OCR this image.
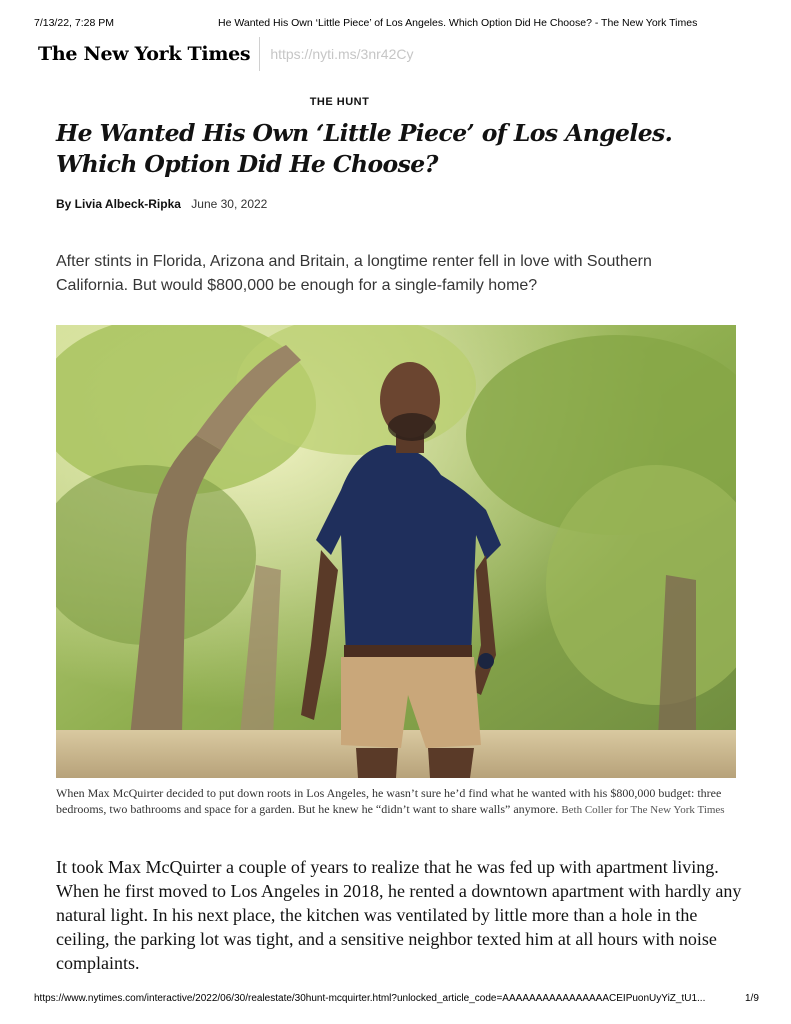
7/13/22, 7:28 PM	He Wanted His Own ‘Little Piece’ of Los Angeles. Which Option Did He Choose? - The New York Times
The New York Times https://nyti.ms/3nr42Cy
THE HUNT
He Wanted His Own ‘Little Piece’ of Los Angeles. Which Option Did He Choose?
By Livia Albeck-Ripka June 30, 2022

After stints in Florida, Arizona and Britain, a longtime renter fell in love with Southern California. But would $800,000 be enough for a single-family home?

When Max McQuirter decided to put down roots in Los Angeles, he wasn’t sure he’d find what he wanted with his $800,000 budget: three bedrooms, two bathrooms and space for a garden. But he knew he “didn’t want to share walls” anymore. Beth Coller for The New York Times

It took Max McQuirter a couple of years to realize that he was fed up with apartment living. When he first moved to Los Angeles in 2018, he rented a downtown apartment with hardly any natural light. In his next place, the kitchen was ventilated by little more than a hole in the ceiling, the parking lot was tight, and a sensitive neighbor texted him at all hours with noise complaints.

https://www.nytimes.com/interactive/2022/06/30/realestate/30hunt-mcquirter.html?unlocked_article_code=AAAAAAAAAAAAAAAACEIPuonUyYiZ_tU1...	1/9
